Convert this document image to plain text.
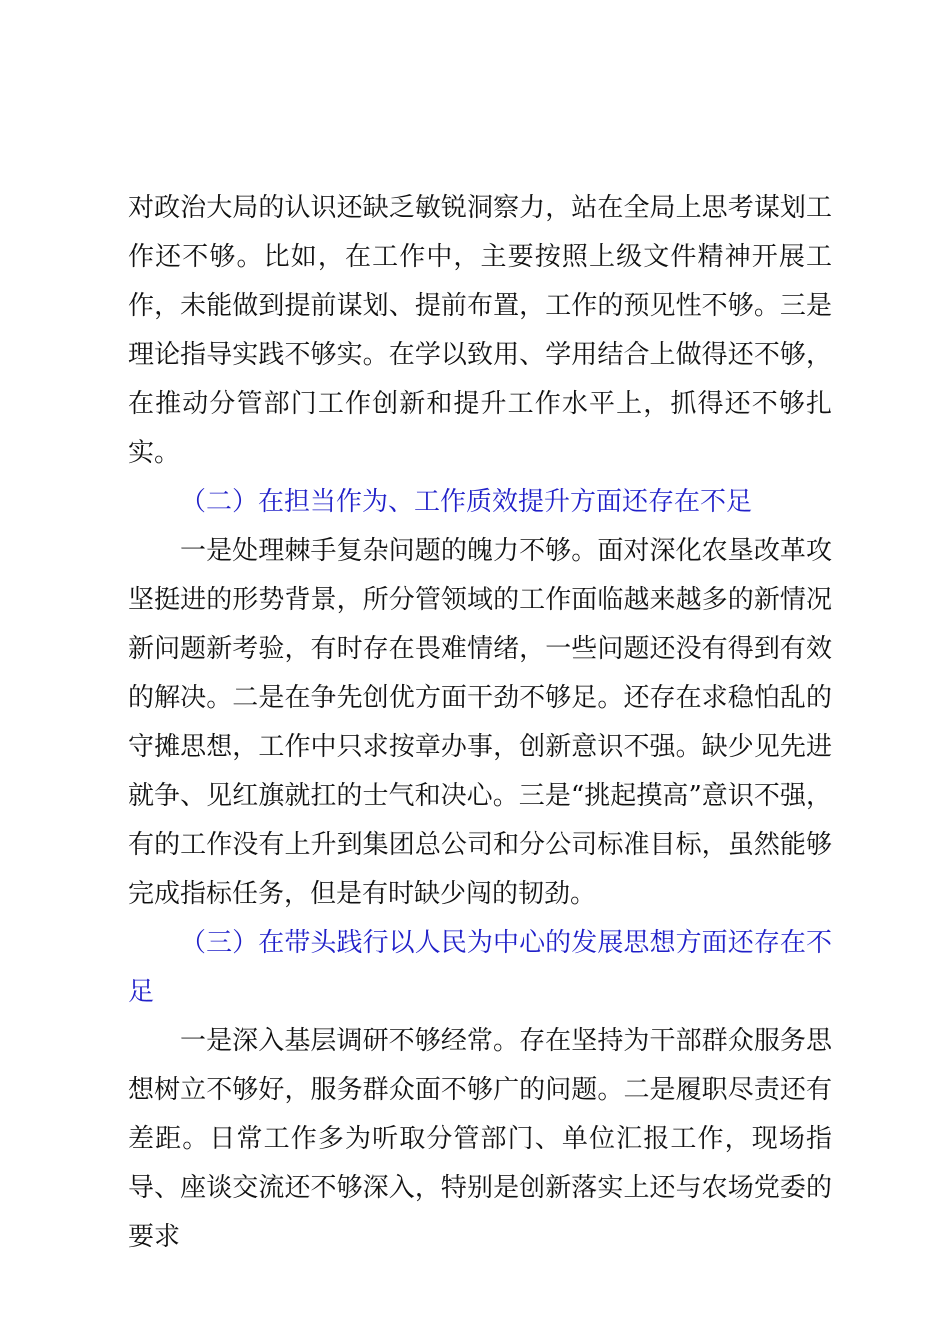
对政治大局的认识还缺乏敏锐洞察力，站在全局上思考谋划工作还不够。比如，在工作中，主要按照上级文件精神开展工作，未能做到提前谋划、提前布置，工作的预见性不够。三是理论指导实践不够实。在学以致用、学用结合上做得还不够，在推动分管部门工作创新和提升工作水平上，抓得还不够扎实。

（二）在担当作为、工作质效提升方面还存在不足

一是处理棘手复杂问题的魄力不够。面对深化农垦改革攻坚挺进的形势背景，所分管领域的工作面临越来越多的新情况新问题新考验，有时存在畏难情绪，一些问题还没有得到有效的解决。二是在争先创优方面干劲不够足。还存在求稳怕乱的守摊思想，工作中只求按章办事，创新意识不强。缺少见先进就争、见红旗就扛的士气和决心。三是“挑起摸高”意识不强，有的工作没有上升到集团总公司和分公司标准目标，虽然能够完成指标任务，但是有时缺少闯的韧劲。

（三）在带头践行以人民为中心的发展思想方面还存在不足

一是深入基层调研不够经常。存在坚持为干部群众服务思想树立不够好，服务群众面不够广的问题。二是履职尽责还有差距。日常工作多为听取分管部门、单位汇报工作，现场指导、座谈交流还不够深入，特别是创新落实上还与农场党委的要求
